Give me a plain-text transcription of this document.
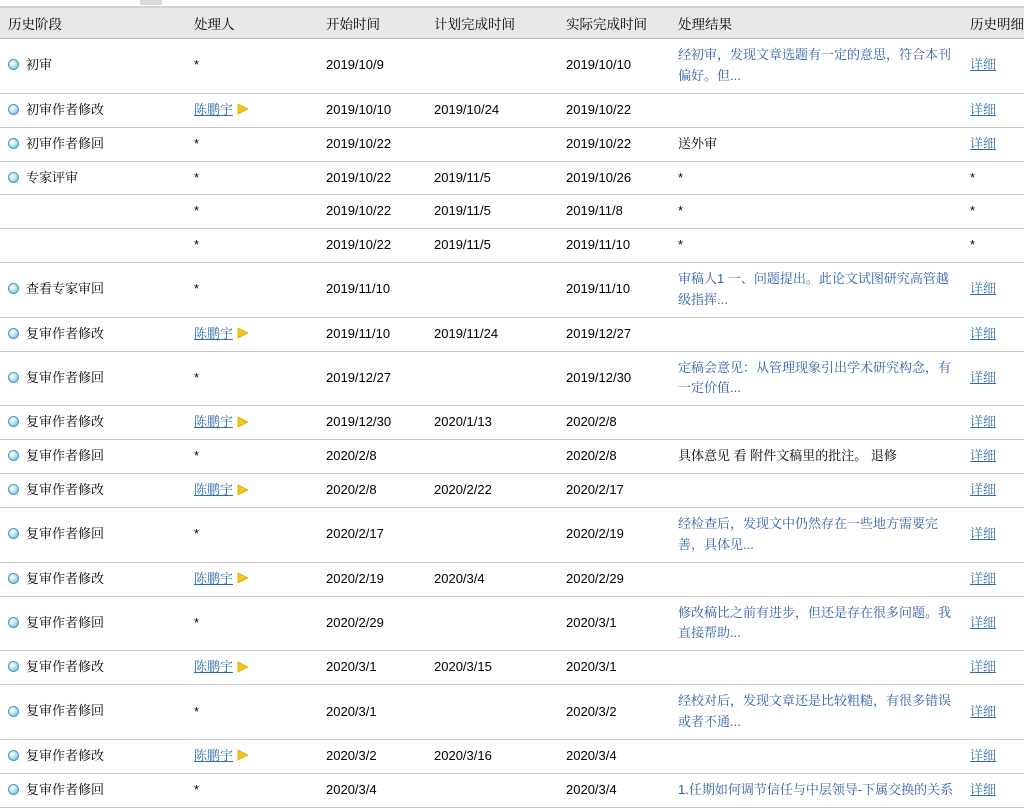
历史阶段	处理人	开始时间	计划完成时间	实际完成时间	处理结果	历史明细
初审	*	2019/10/9		2019/10/10	经初审，发现文章选题有一定的意思，符合本刊偏好。但...	详细
初审作者修改	陈鹏宇	2019/10/10	2019/10/24	2019/10/22		详细
初审作者修回	*	2019/10/22		2019/10/22	送外审	详细
专家评审	*	2019/10/22	2019/11/5	2019/10/26	*	*
	*	2019/10/22	2019/11/5	2019/11/8	*	*
	*	2019/10/22	2019/11/5	2019/11/10	*	*
查看专家审回	*	2019/11/10		2019/11/10	审稿人1 一、问题提出。此论文试图研究高管越级指挥...	详细
复审作者修改	陈鹏宇	2019/11/10	2019/11/24	2019/12/27		详细
复审作者修回	*	2019/12/27		2019/12/30	定稿会意见：从管理现象引出学术研究构念，有一定价值...	详细
复审作者修改	陈鹏宇	2019/12/30	2020/1/13	2020/2/8		详细
复审作者修回	*	2020/2/8		2020/2/8	具体意见 看 附件文稿里的批注。 退修	详细
复审作者修改	陈鹏宇	2020/2/8	2020/2/22	2020/2/17		详细
复审作者修回	*	2020/2/17		2020/2/19	经检查后，发现文中仍然存在一些地方需要完善，具体见...	详细
复审作者修改	陈鹏宇	2020/2/19	2020/3/4	2020/2/29		详细
复审作者修回	*	2020/2/29		2020/3/1	修改稿比之前有进步，但还是存在很多问题。我直接帮助...	详细
复审作者修改	陈鹏宇	2020/3/1	2020/3/15	2020/3/1		详细
复审作者修回	*	2020/3/1		2020/3/2	经校对后，发现文章还是比较粗糙，有很多错误或者不通...	详细
复审作者修改	陈鹏宇	2020/3/2	2020/3/16	2020/3/4		详细
复审作者修回	*	2020/3/4		2020/3/4	1.任期如何调节信任与中层领导-下属交换的关系	详细
